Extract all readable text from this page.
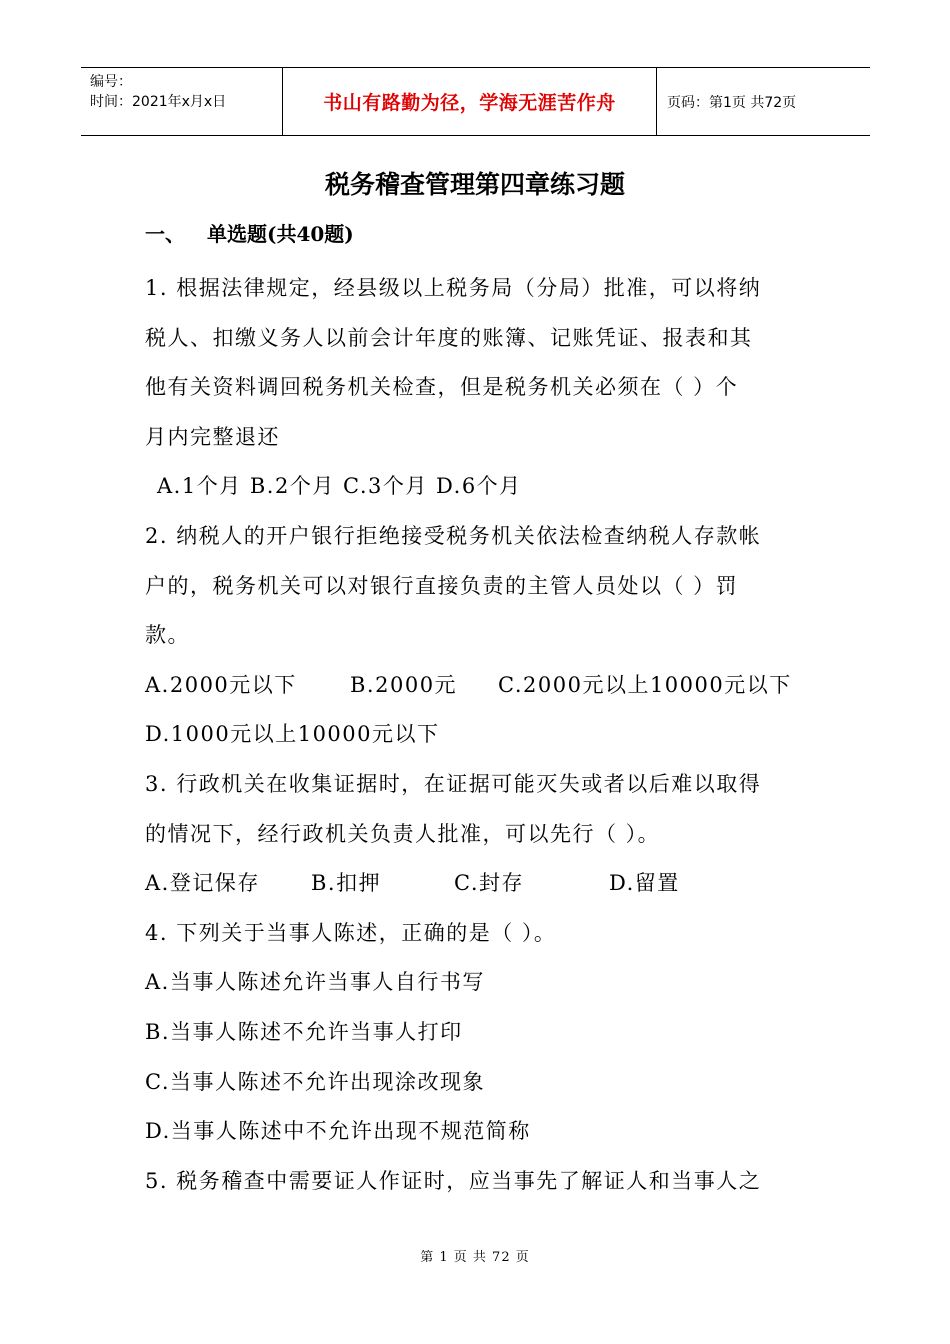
编号：
时间：2021年x月x日	书山有路勤为径，学海无涯苦作舟	页码：第1页 共72页
税务稽查管理第四章练习题
一、 单选题(共40题)

1. 根据法律规定，经县级以上税务局（分局）批准，可以将纳

税人、扣缴义务人以前会计年度的账簿、记账凭证、报表和其

他有关资料调回税务机关检查，但是税务机关必须在（ ）个

月内完整退还

A.1个月 B.2个月 C.3个月 D.6个月

2. 纳税人的开户银行拒绝接受税务机关依法检查纳税人存款帐

户的，税务机关可以对银行直接负责的主管人员处以（ ）罚

款。

A.2000元以下	B.2000元	C.2000元以上10000元以下

D.1000元以上10000元以下

3. 行政机关在收集证据时，在证据可能灭失或者以后难以取得

的情况下，经行政机关负责人批准，可以先行（ ）。

A.登记保存	B.扣押	C.封存	D.留置

4. 下列关于当事人陈述，正确的是（ ）。

A.当事人陈述允许当事人自行书写

B.当事人陈述不允许当事人打印

C.当事人陈述不允许出现涂改现象

D.当事人陈述中不允许出现不规范简称

5. 税务稽查中需要证人作证时，应当事先了解证人和当事人之

第 1 页 共 72 页
